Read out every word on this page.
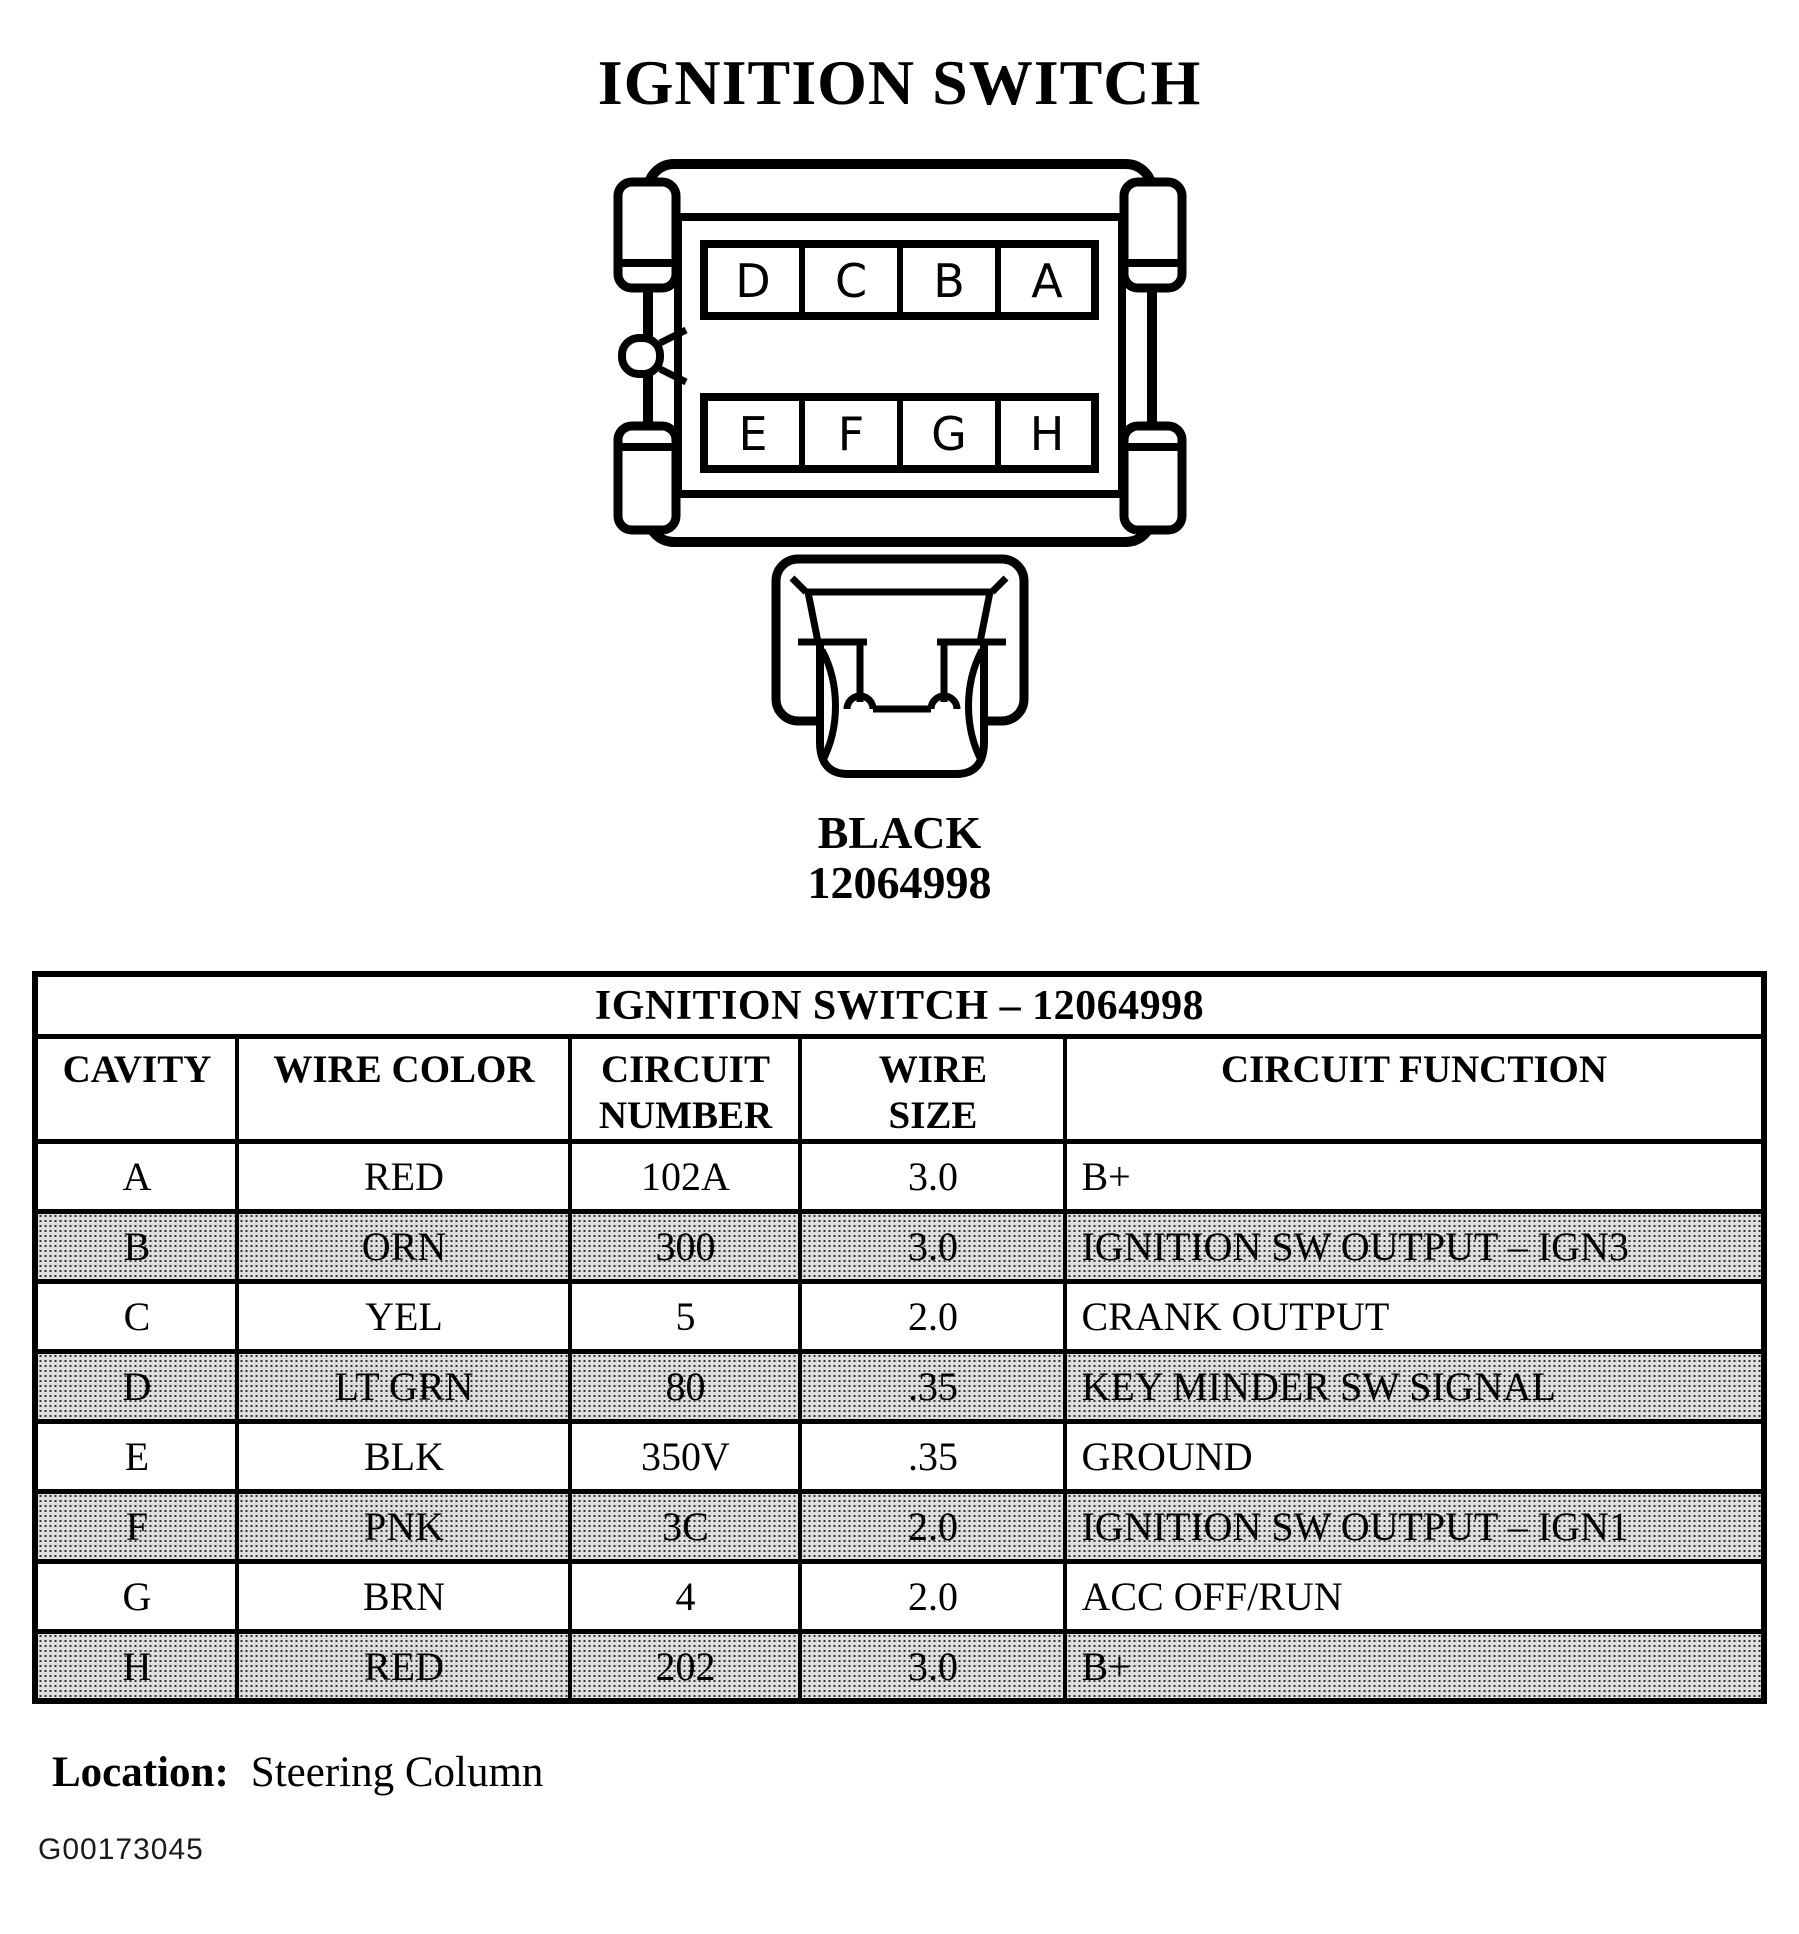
IGNITION SWITCH
D C B A
E F G H
BLACK
12064998
IGNITION SWITCH – 12064998				
CAVITY	WIRE COLOR	CIRCUIT NUMBER	WIRE SIZE	CIRCUIT FUNCTION
A	RED	102A	3.0	B+
B	ORN	300	3.0	IGNITION SW OUTPUT – IGN3
C	YEL	5	2.0	CRANK OUTPUT
D	LT GRN	80	.35	KEY MINDER SW SIGNAL
E	BLK	350V	.35	GROUND
F	PNK	3C	2.0	IGNITION SW OUTPUT – IGN1
G	BRN	4	2.0	ACC OFF/RUN
H	RED	202	3.0	B+
Location: Steering Column
G00173045
